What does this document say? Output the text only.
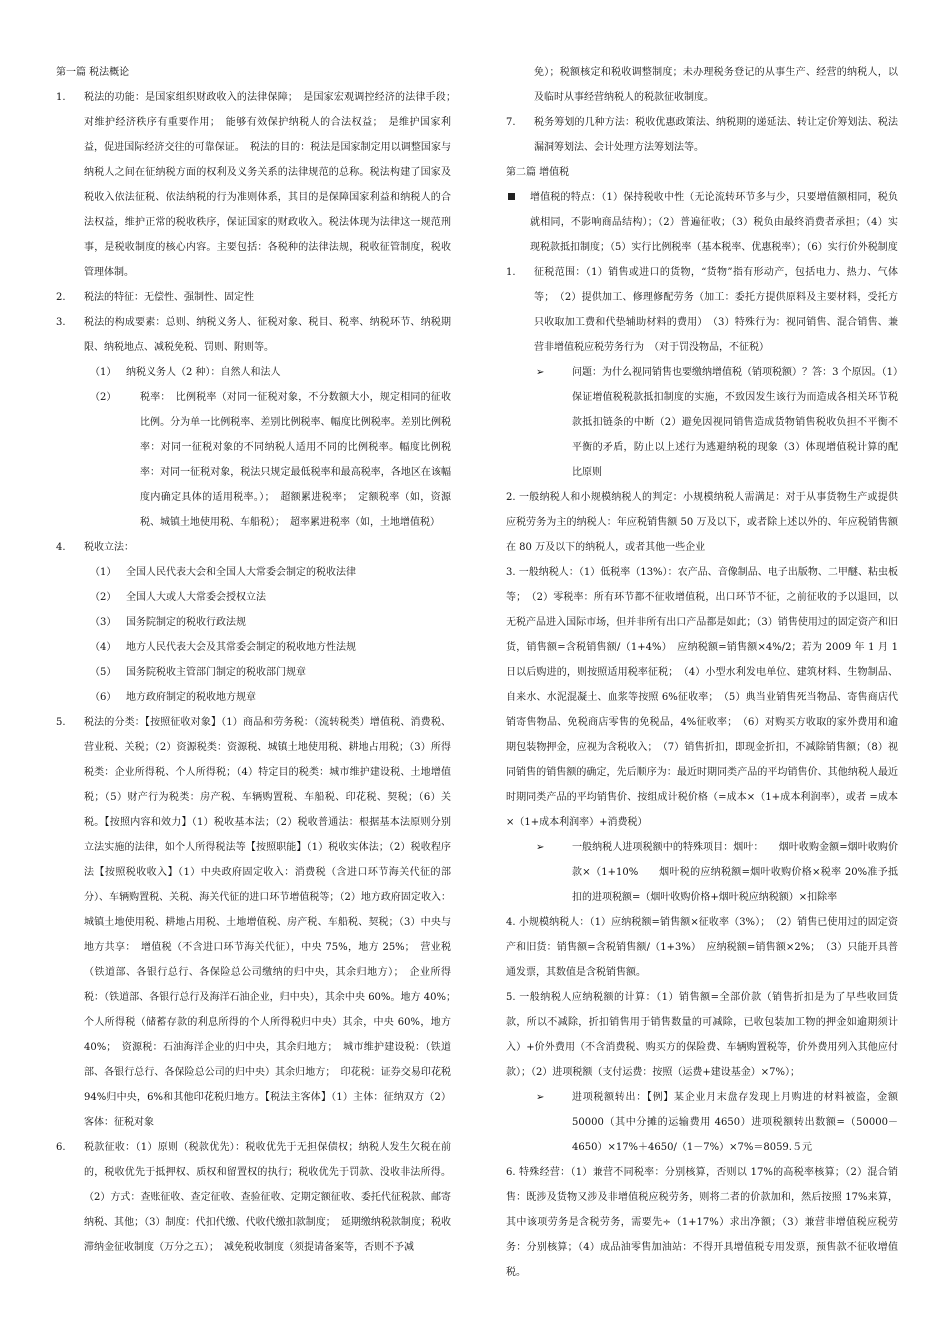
第一篇 税法概论

1. 税法的功能：是国家组织财政收入的法律保障；　是国家宏观调控经济的法律手段；　对维护经济秩序有重要作用；　能够有效保护纳税人的合法权益；　是维护国家利益，促进国际经济交往的可靠保证。　税法的目的：税法是国家制定用以调整国家与纳税人之间在征纳税方面的权利及义务关系的法律规范的总称。税法构建了国家及税收入依法征税、依法纳税的行为准则体系，其目的是保障国家利益和纳税人的合法权益，维护正常的税收秩序，保证国家的财政收入。税法体现为法律这一规范刑事，是税收制度的核心内容。主要包括：各税种的法律法规，税收征管制度，税收管理体制。
2. 税法的特征：无偿性、强制性、固定性
3. 税法的构成要素：总则、纳税义务人、征税对象、税目、税率、纳税环节、纳税期限、纳税地点、减税免税、罚则、附则等。
（1） 纳税义务人（2 种）：自然人和法人
（2） 税率：　比例税率（对同一征税对象，不分数额大小，规定相同的征收比例。分为单一比例税率、差别比例税率、幅度比例税率。差别比例税率：对同一征税对象的不同纳税人适用不同的比例税率。幅度比例税率：对同一征税对象，税法只规定最低税率和最高税率，各地区在该幅度内确定具体的适用税率。）；　超额累进税率；　定额税率（如，资源税、城镇土地使用税、车船税）；　超率累进税率（如，土地增值税）
4. 税收立法：
（1） 全国人民代表大会和全国人大常委会制定的税收法律
（2） 全国人大或人大常委会授权立法
（3） 国务院制定的税收行政法规
（4） 地方人民代表大会及其常委会制定的税收地方性法规
（5） 国务院税收主管部门制定的税收部门规章
（6） 地方政府制定的税收地方规章
5. 税法的分类：【按照征收对象】（1）商品和劳务税：（流转税类）增值税、消费税、营业税、关税；（2）资源税类：资源税、城镇土地使用税、耕地占用税；（3）所得税类：企业所得税、个人所得税；（4）特定目的税类：城市维护建设税、土地增值税；（5）财产行为税类：房产税、车辆购置税、车船税、印花税、契税；（6）关税。【按照内容和效力】（1）税收基本法；（2）税收普通法：根据基本法原则分别立法实施的法律，如个人所得税法等【按照职能】（1）税收实体法；（2）税收程序法【按照税收收入】（1）中央政府固定收入：消费税（含进口环节海关代征的部分）、车辆购置税、关税、海关代征的进口环节增值税等；（2）地方政府固定收入：城镇土地使用税、耕地占用税、土地增值税、房产税、车船税、契税；（3）中央与地方共享：　增值税（不含进口环节海关代征），中央 75%，地方 25%；　营业税（铁道部、各银行总行、各保险总公司缴纳的归中央，其余归地方）；　企业所得税：（铁道部、各银行总行及海洋石油企业，归中央），其余中央 60%。地方 40%；　个人所得税（储蓄存款的利息所得的个人所得税归中央）其余，中央 60%，地方 40%；　资源税：石油海洋企业的归中央，其余归地方；　城市维护建设税：（铁道部、各银行总行、各保险总公司的归中央）其余归地方；　印花税：证券交易印花税 94%归中央，6%和其他印花税归地方。【税法主客体】（1）主体：征纳双方（2）客体：征税对象
6. 税款征收：（1）原则（税款优先）：税收优先于无担保债权；纳税人发生欠税在前的，税收优先于抵押权、质权和留置权的执行；税收优先于罚款、没收非法所得。（2）方式：查账征收、查定征收、查验征收、定期定额征收、委托代征税款、邮寄纳税、其他；（3）制度：代扣代缴、代收代缴扣款制度；　延期缴纳税款制度；税收滞纳金征收制度（万分之五）；　减免税收制度（须提请备案等，否则不予减
免）；税额核定和税收调整制度；未办理税务登记的从事生产、经营的纳税人，以及临时从事经营纳税人的税款征收制度。
7. 税务筹划的几种方法：税收优惠政策法、纳税期的递延法、转让定价筹划法、税法漏洞筹划法、会计处理方法筹划法等。

第二篇 增值税

增值税的特点：（1）保持税收中性（无论流转环节多与少，只要增值额相同，税负就相同，不影响商品结构）；（2）普遍征收；（3）税负由最终消费者承担；（4）实现税款抵扣制度；（5）实行比例税率（基本税率、优惠税率）；（6）实行价外税制度
1. 征税范围：（1）销售或进口的货物，“货物”指有形动产，包括电力、热力、气体等；　（2）提供加工、修理修配劳务（加工：委托方提供原料及主要材料，受托方只收取加工费和代垫辅助材料的费用）　（3）特殊行为：视同销售、混合销售、兼营非增值税应税劳务行为　（对于罚没物品，不征税）
➢	问题：为什么视同销售也要缴纳增值税（销项税额）？答：3 个原因。（1）保证增值税税款抵扣制度的实施，不致因发生该行为而造成各相关环节税款抵扣链条的中断（2）避免因视同销售造成货物销售税收负担不平衡不平衡的矛盾，防止以上述行为逃避纳税的现象（3）体现增值税计算的配比原则
2. 一般纳税人和小规模纳税人的判定：小规模纳税人需满足：对于从事货物生产或提供应税劳务为主的纳税人：年应税销售额 50 万及以下，或者除上述以外的、年应税销售额在 80 万及以下的纳税人，或者其他一些企业
3. 一般纳税人：（1）低税率（13%）：农产品、音像制品、电子出版物、二甲醚、粘虫板等；　（2）零税率：所有环节都不征收增值税，出口环节不征，之前征收的予以退回，以无税产品进入国际市场，但并非所有出口产品都是如此；（3）销售使用过的固定资产和旧货，销售额=含税销售额/（1+4%）　应纳税额=销售额×4%/2；若为 2009 年 1 月 1 日以后购进的，则按照适用税率征税；　（4）小型水利发电单位、建筑材料、生物制品、自来水、水泥混凝土、血浆等按照 6%征收率；　（5）典当业销售死当物品、寄售商店代销寄售物品、免税商店零售的免税品，4%征收率；　（6）对购买方收取的家外费用和逾期包装物押金，应视为含税收入；　（7）销售折扣，即现金折扣，不减除销售额；（8）视同销售的销售额的确定，先后顺序为：最近时期同类产品的平均销售价、其他纳税人最近时期同类产品的平均销售价、按组成计税价格（=成本×（1+成本利润率），或者 =成本×（1+成本利润率）+消费税）
➢	一般纳税人进项税额中的特殊项目：烟叶：　　烟叶收购金额=烟叶收购价款×（1+10%　　烟叶税的应纳税额=烟叶收购价格×税率 20%准予抵扣的进项税额=（烟叶收购价格+烟叶税应纳税额）×扣除率
4. 小规模纳税人：（1）应纳税额=销售额×征收率（3%）；　（2）销售已使用过的固定资产和旧货：销售额=含税销售额/（1+3%）　应纳税额=销售额×2%；　（3）只能开具普通发票，其数值是含税销售额。
5. 一般纳税人应纳税额的计算：（1）销售额=全部价款（销售折扣是为了早些收回货款，所以不减除，折扣销售用于销售数量的可减除，已收包装加工物的押金如逾期须计入）+价外费用（不含消费税、购买方的保险费、车辆购置税等，价外费用列入其他应付款）；（2）进项税额（支付运费：按照（运费+建设基金）×7%）；
➢	进项税额转出：【例】某企业月末盘存发现上月购进的材料被盗，金额 50000（其中分摊的运输费用 4650）进项税额转出数额=（50000－4650）×17%＋4650/（1－7%）×7%＝8059.５元
6. 特殊经营：（1）兼营不同税率：分别核算，否则以 17%的高税率核算；（2）混合销售：既涉及货物又涉及非增值税应税劳务，则将二者的价款加和，然后按照 17%来算，其中该项劳务是含税劳务，需要先÷（1+17%）求出净额；（3）兼营非增值税应税劳务：分别核算；（4）成品油零售加油站：不得开具增值税专用发票，预售款不征收增值税。
